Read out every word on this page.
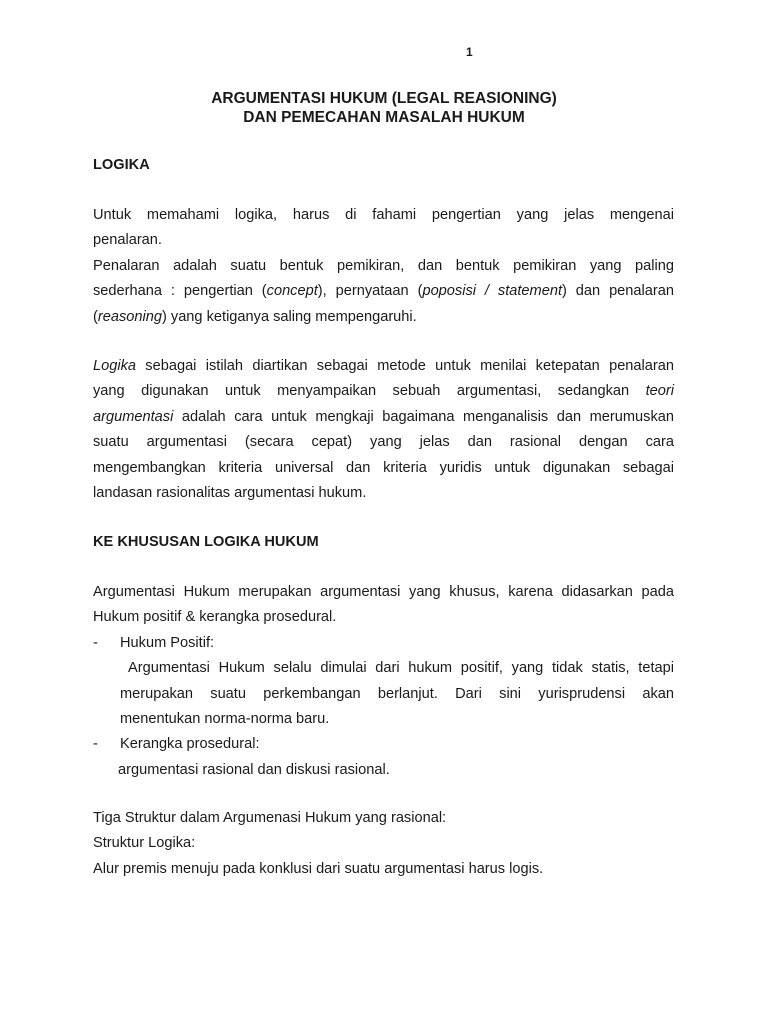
1
ARGUMENTASI HUKUM (LEGAL REASIONING)
DAN PEMECAHAN MASALAH HUKUM
LOGIKA
Untuk memahami logika, harus di fahami pengertian yang jelas mengenai
penalaran.
Penalaran adalah suatu bentuk pemikiran, dan bentuk pemikiran yang paling
sederhana : pengertian (concept), pernyataan (poposisi / statement) dan penalaran
(reasoning) yang ketiganya saling mempengaruhi.
Logika sebagai istilah diartikan sebagai metode untuk menilai ketepatan penalaran
yang digunakan untuk menyampaikan sebuah argumentasi, sedangkan teori
argumentasi adalah cara untuk mengkaji bagaimana menganalisis dan merumuskan
suatu argumentasi (secara cepat) yang jelas dan rasional dengan cara
mengembangkan kriteria universal dan kriteria yuridis untuk digunakan sebagai
landasan rasionalitas argumentasi hukum.
KE KHUSUSAN LOGIKA HUKUM
Argumentasi Hukum merupakan argumentasi yang khusus, karena didasarkan pada
Hukum positif & kerangka prosedural.
- Hukum Positif:
Argumentasi Hukum selalu dimulai dari hukum positif, yang tidak statis, tetapi
merupakan suatu perkembangan berlanjut. Dari sini yurisprudensi akan
menentukan norma-norma baru.
- Kerangka prosedural:
argumentasi rasional dan diskusi rasional.
Tiga Struktur dalam Argumenasi Hukum yang rasional:
Struktur Logika:
Alur premis menuju pada konklusi dari suatu argumentasi harus logis.
